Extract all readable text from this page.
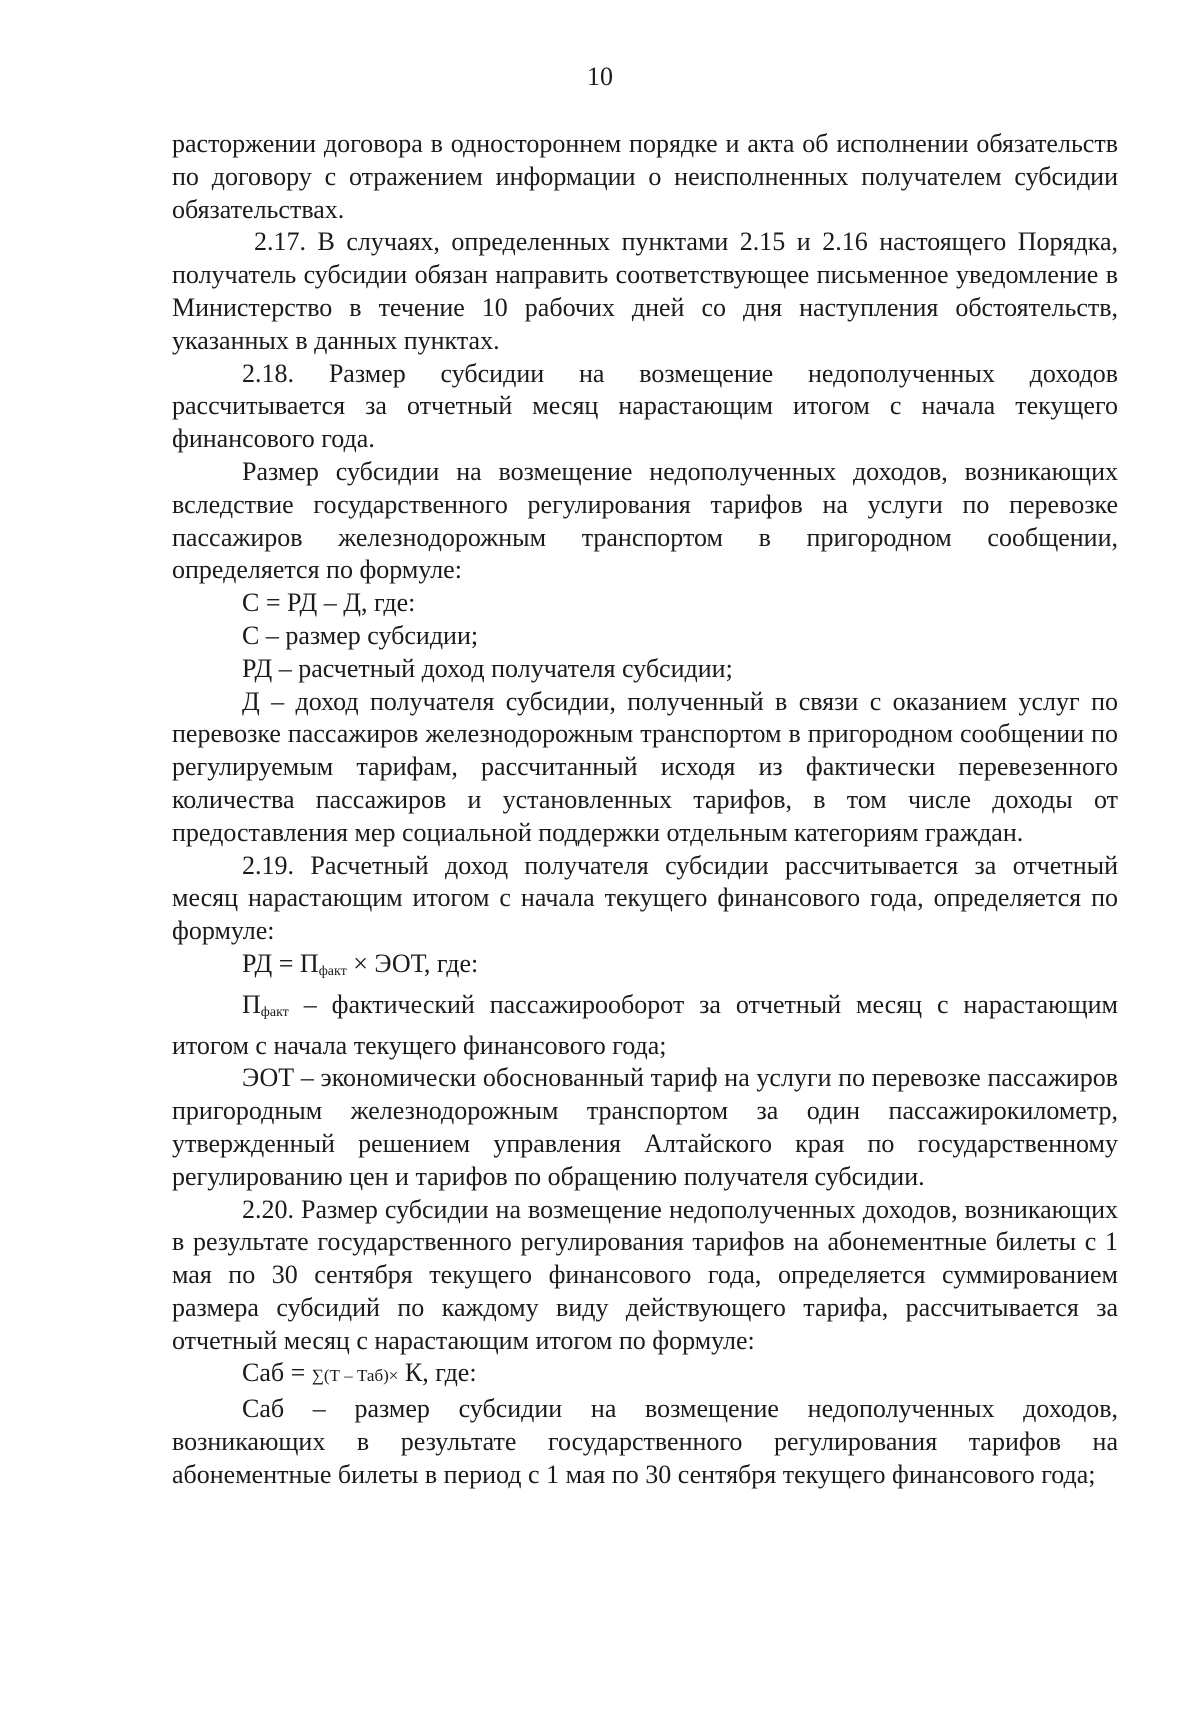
10

расторжении договора в одностороннем порядке и акта об исполнении обязательств по договору с отражением информации о неисполненных получателем субсидии обязательствах.

2.17. В случаях, определенных пунктами 2.15 и 2.16 настоящего Порядка, получатель субсидии обязан направить соответствующее письменное уведомление в Министерство в течение 10 рабочих дней со дня наступления обстоятельств, указанных в данных пунктах.

2.18. Размер субсидии на возмещение недополученных доходов рассчитывается за отчетный месяц нарастающим итогом с начала текущего финансового года.

Размер субсидии на возмещение недополученных доходов, возникающих вследствие государственного регулирования тарифов на услуги по перевозке пассажиров железнодорожным транспортом в пригородном сообщении, определяется по формуле:

С = РД – Д, где:

С – размер субсидии;

РД – расчетный доход получателя субсидии;

Д – доход получателя субсидии, полученный в связи с оказанием услуг по перевозке пассажиров железнодорожным транспортом в пригородном сообщении по регулируемым тарифам, рассчитанный исходя из фактически перевезенного количества пассажиров и установленных тарифов, в том числе доходы от предоставления мер социальной поддержки отдельным категориям граждан.

2.19. Расчетный доход получателя субсидии рассчитывается за отчетный месяц нарастающим итогом с начала текущего финансового года, определяется по формуле:

РД = $П_{факт}$ × ЭОТ, где:

$П_{факт}$ – фактический пассажирооборот за отчетный месяц с нарастающим итогом с начала текущего финансового года;

ЭОТ – экономически обоснованный тариф на услуги по перевозке пассажиров пригородным железнодорожным транспортом за один пассажирокилометр, утвержденный решением управления Алтайского края по государственному регулированию цен и тарифов по обращению получателя субсидии.

2.20. Размер субсидии на возмещение недополученных доходов, возникающих в результате государственного регулирования тарифов на абонементные билеты с 1 мая по 30 сентября текущего финансового года, определяется суммированием размера субсидий по каждому виду действующего тарифа, рассчитывается за отчетный месяц с нарастающим итогом по формуле:

Саб = ∑(Т – Таб)× К, где:

Саб – размер субсидии на возмещение недополученных доходов, возникающих в результате государственного регулирования тарифов на абонементные билеты в период с 1 мая по 30 сентября текущего финансового года;
